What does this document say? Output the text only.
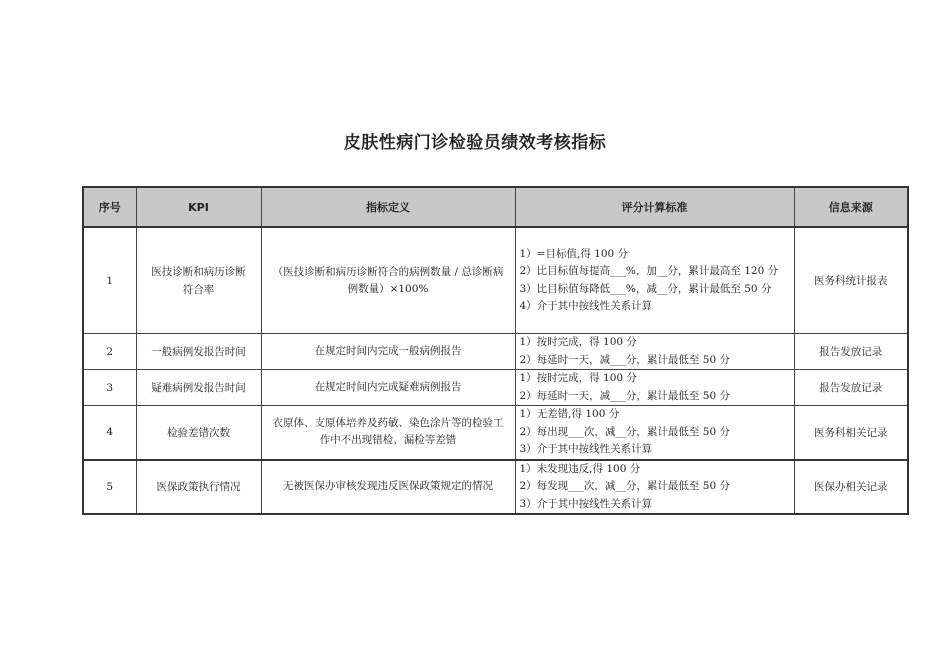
皮肤性病门诊检验员绩效考核指标
序号	KPI	指标定义	评分计算标准	信息来源
1	医技诊断和病历诊断符合率	（医技诊断和病历诊断符合的病例数量 / 总诊断病例数量）×100%	1）=目标值,得 100 分
2）比目标值每提高___%，加__分，累计最高至 120 分
3）比目标值每降低___%，减__分，累计最低至 50 分
4）介于其中按线性关系计算	医务科统计报表
2	一般病例发报告时间	在规定时间内完成一般病例报告	1）按时完成，得 100 分
2）每延时一天，减___分，累计最低至 50 分	报告发放记录
3	疑难病例发报告时间	在规定时间内完成疑难病例报告	1）按时完成，得 100 分
2）每延时一天，减___分，累计最低至 50 分	报告发放记录
4	检验差错次数	衣原体、支原体培养及药敏、染色涂片等的检验工作中不出现错检、漏检等差错	1）无差错,得 100 分
2）每出现___次，减__分，累计最低至 50 分
3）介于其中按线性关系计算	医务科相关记录
5	医保政策执行情况	无被医保办审核发现违反医保政策规定的情况	1）未发现违反,得 100 分
2）每发现___次，减__分，累计最低至 50 分
3）介于其中按线性关系计算	医保办相关记录
